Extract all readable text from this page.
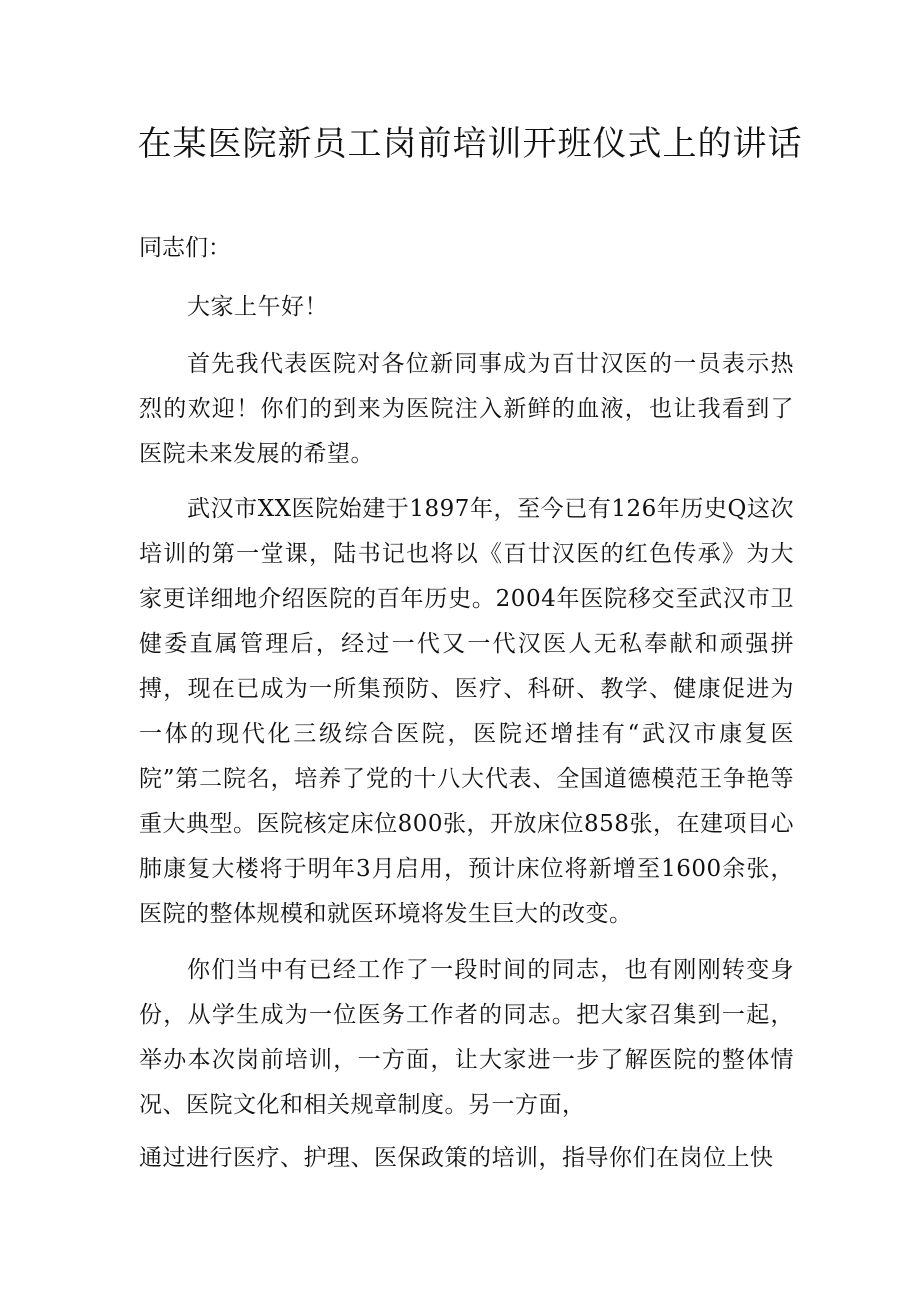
在某医院新员工岗前培训开班仪式上的讲话

同志们：

大家上午好！

首先我代表医院对各位新同事成为百廿汉医的一员表示热烈的欢迎！你们的到来为医院注入新鲜的血液，也让我看到了医院未来发展的希望。

武汉市XX医院始建于1897年，至今已有126年历史Q这次培训的第一堂课，陆书记也将以《百廿汉医的红色传承》为大家更详细地介绍医院的百年历史。2004年医院移交至武汉市卫健委直属管理后，经过一代又一代汉医人无私奉献和顽强拼搏，现在已成为一所集预防、医疗、科研、教学、健康促进为一体的现代化三级综合医院，医院还增挂有“武汉市康复医院”第二院名，培养了党的十八大代表、全国道德模范王争艳等重大典型。医院核定床位800张，开放床位858张，在建项目心肺康复大楼将于明年3月启用，预计床位将新增至1600余张，医院的整体规模和就医环境将发生巨大的改变。

你们当中有已经工作了一段时间的同志，也有刚刚转变身份，从学生成为一位医务工作者的同志。把大家召集到一起，举办本次岗前培训，一方面，让大家进一步了解医院的整体情况、医院文化和相关规章制度。另一方面，

通过进行医疗、护理、医保政策的培训，指导你们在岗位上快
